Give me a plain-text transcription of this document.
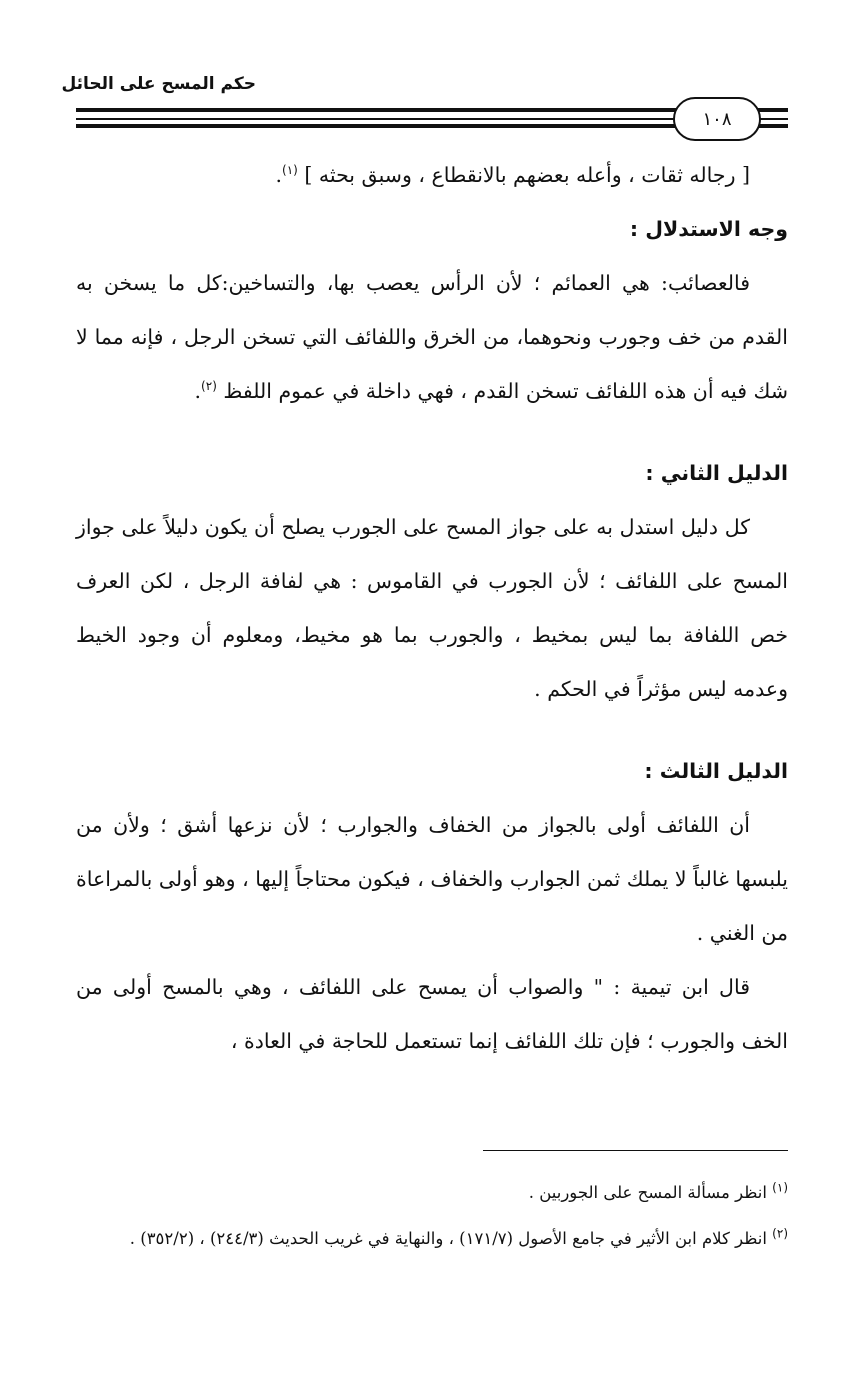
حكم المسح على الحائل
١٠٨

[ رجاله ثقات ، وأعله بعضهم بالانقطاع ، وسبق بحثه ] $^{(١)}$.

وجه الاستدلال :

فالعصائب: هي العمائم ؛ لأن الرأس يعصب بها، والتساخين:كل ما يسخن به القدم من خف وجورب ونحوهما، من الخرق واللفائف التي تسخن الرجل ، فإنه مما لا شك فيه أن هذه اللفائف تسخن القدم ، فهي داخلة في عموم اللفظ $^{(٢)}$.

الدليل الثاني :

كل دليل استدل به على جواز المسح على الجورب يصلح أن يكون دليلاً على جواز المسح على اللفائف ؛ لأن الجورب في القاموس : هي لفافة الرجل ، لكن العرف خص اللفافة بما ليس بمخيط ، والجورب بما هو مخيط، ومعلوم أن وجود الخيط وعدمه ليس مؤثراً في الحكم .

الدليل الثالث :

أن اللفائف أولى بالجواز من الخفاف والجوارب ؛ لأن نزعها أشق ؛ ولأن من يلبسها غالباً لا يملك ثمن الجوارب والخفاف ، فيكون محتاجاً إليها ، وهو أولى بالمراعاة من الغني .

قال ابن تيمية : " والصواب أن يمسح على اللفائف ، وهي بالمسح أولى من الخف والجورب ؛ فإن تلك اللفائف إنما تستعمل للحاجة في العادة ،

$^{(١)}$ انظر مسألة المسح على الجوربين .

$^{(٢)}$ انظر كلام ابن الأثير في جامع الأصول (١٧١/٧) ، والنهاية في غريب الحديث (٢٤٤/٣) ، (٣٥٢/٢) .
